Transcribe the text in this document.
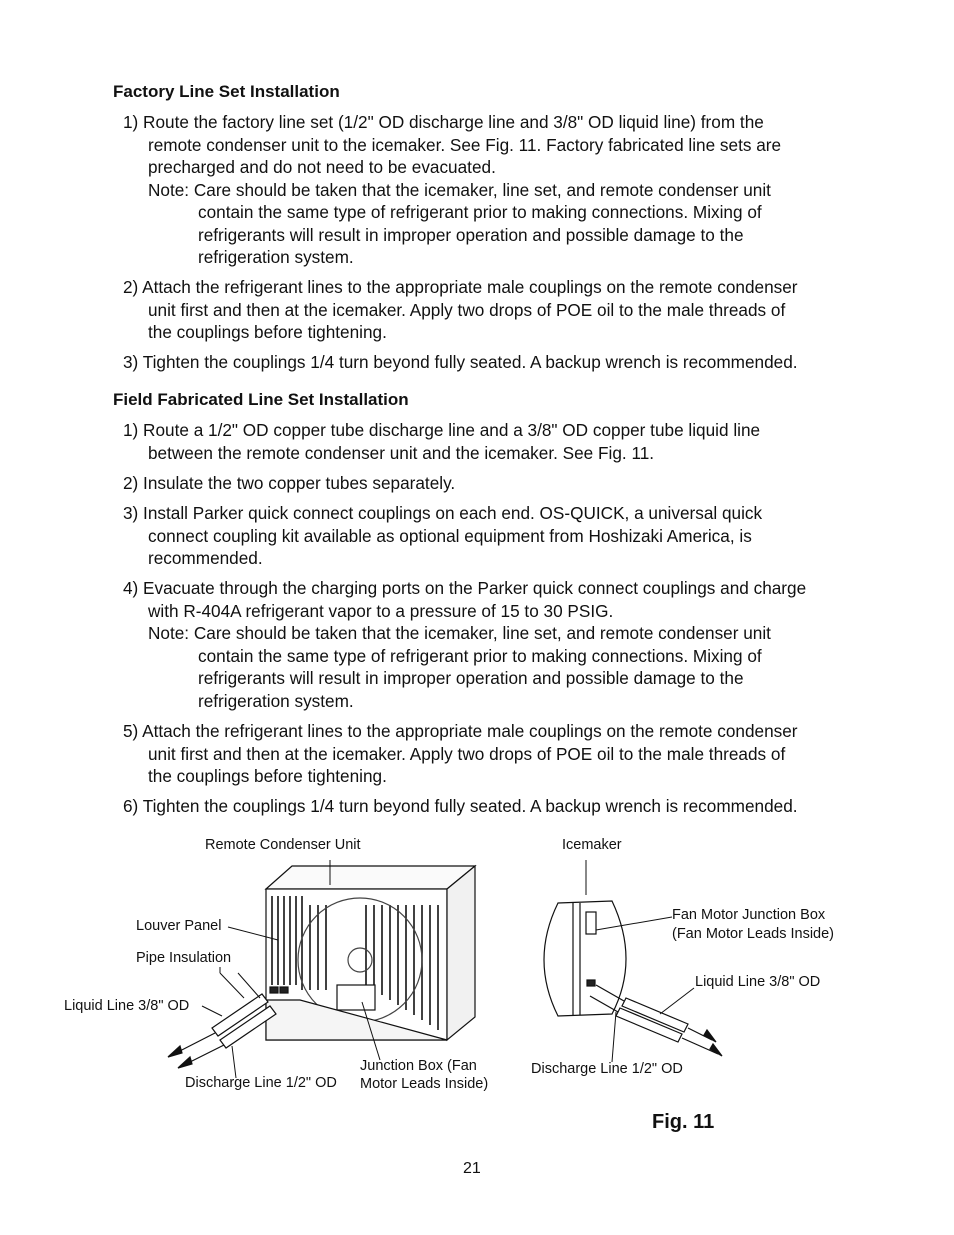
Factory Line Set Installation
1) Route the factory line set (1/2" OD discharge line and 3/8" OD liquid line) from the
remote condenser unit to the icemaker. See Fig. 11. Factory fabricated line sets are
precharged and do not need to be evacuated.
Note: Care should be taken that the icemaker, line set, and remote condenser unit
contain the same type of refrigerant prior to making connections. Mixing of
refrigerants will result in improper operation and possible damage to the
refrigeration system.
2) Attach the refrigerant lines to the appropriate male couplings on the remote condenser
unit first and then at the icemaker. Apply two drops of POE oil to the male threads of
the couplings before tightening.
3) Tighten the couplings 1/4 turn beyond fully seated. A backup wrench is recommended.
Field Fabricated Line Set Installation
1) Route a 1/2" OD copper tube discharge line and a 3/8" OD copper tube liquid line
between the remote condenser unit and the icemaker. See Fig. 11.
2) Insulate the two copper tubes separately.
3) Install Parker quick connect couplings on each end. OS-QUICK, a universal quick
connect coupling kit available as optional equipment from Hoshizaki America, is
recommended.
4) Evacuate through the charging ports on the Parker quick connect couplings and charge
with R-404A refrigerant vapor to a pressure of 15 to 30 PSIG.
Note: Care should be taken that the icemaker, line set, and remote condenser unit
contain the same type of refrigerant prior to making connections. Mixing of
refrigerants will result in improper operation and possible damage to the
refrigeration system.
5) Attach the refrigerant lines to the appropriate male couplings on the remote condenser
unit first and then at the icemaker. Apply two drops of POE oil to the male threads of
the couplings before tightening.
6) Tighten the couplings 1/4 turn beyond fully seated. A backup wrench is recommended.
Remote Condenser Unit
Louver Panel
Pipe Insulation
Liquid Line 3/8" OD
Discharge Line 1/2" OD
Junction Box (Fan
Motor Leads Inside)
Icemaker
Fan Motor Junction Box
(Fan Motor Leads Inside)
Liquid Line 3/8" OD
Discharge Line 1/2" OD
Fig. 11
21
